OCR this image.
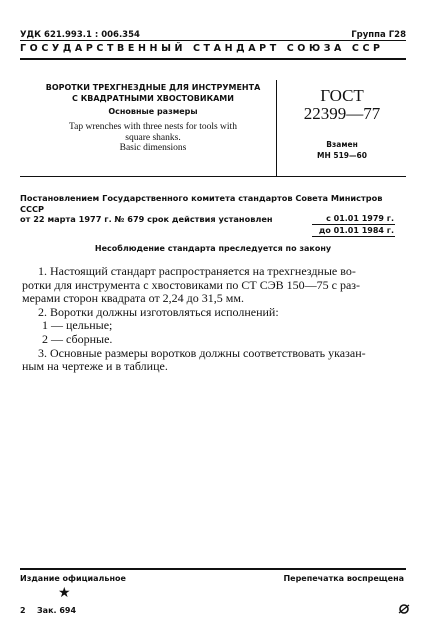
УДК 621.993.1 : 006.354	Группа Г28
ГОСУДАРСТВЕННЫЙ СТАНДАРТ СОЮЗА ССР
ВОРОТКИ ТРЕХГНЕЗДНЫЕ ДЛЯ ИНСТРУМЕНТА
С КВАДРАТНЫМИ ХВОСТОВИКАМИ
Основные размеры
Tap wrenches with three nests for tools with
square shanks.
Basic dimensions
ГОСТ
22399—77
Взамен
МН 519—60
Постановлением Государственного комитета стандартов Совета Министров СССР
от 22 марта 1977 г. № 679 срок действия установлен	с 01.01 1979 г.
до 01.01 1984 г.
Несоблюдение стандарта преследуется по закону

1. Настоящий стандарт распространяется на трехгнездные во-

ротки для инструмента с хвостовиками по СТ СЭВ 150—75 с раз-

мерами сторон квадрата от 2,24 до 31,5 мм.

2. Воротки должны изготовляться исполнений:

1 — цельные;

2 — сборные.

3. Основные размеры воротков должны соответствовать указан-

ным на чертеже и в таблице.

Издание официальное	Перепечатка воспрещена
★
2 Зак. 694
